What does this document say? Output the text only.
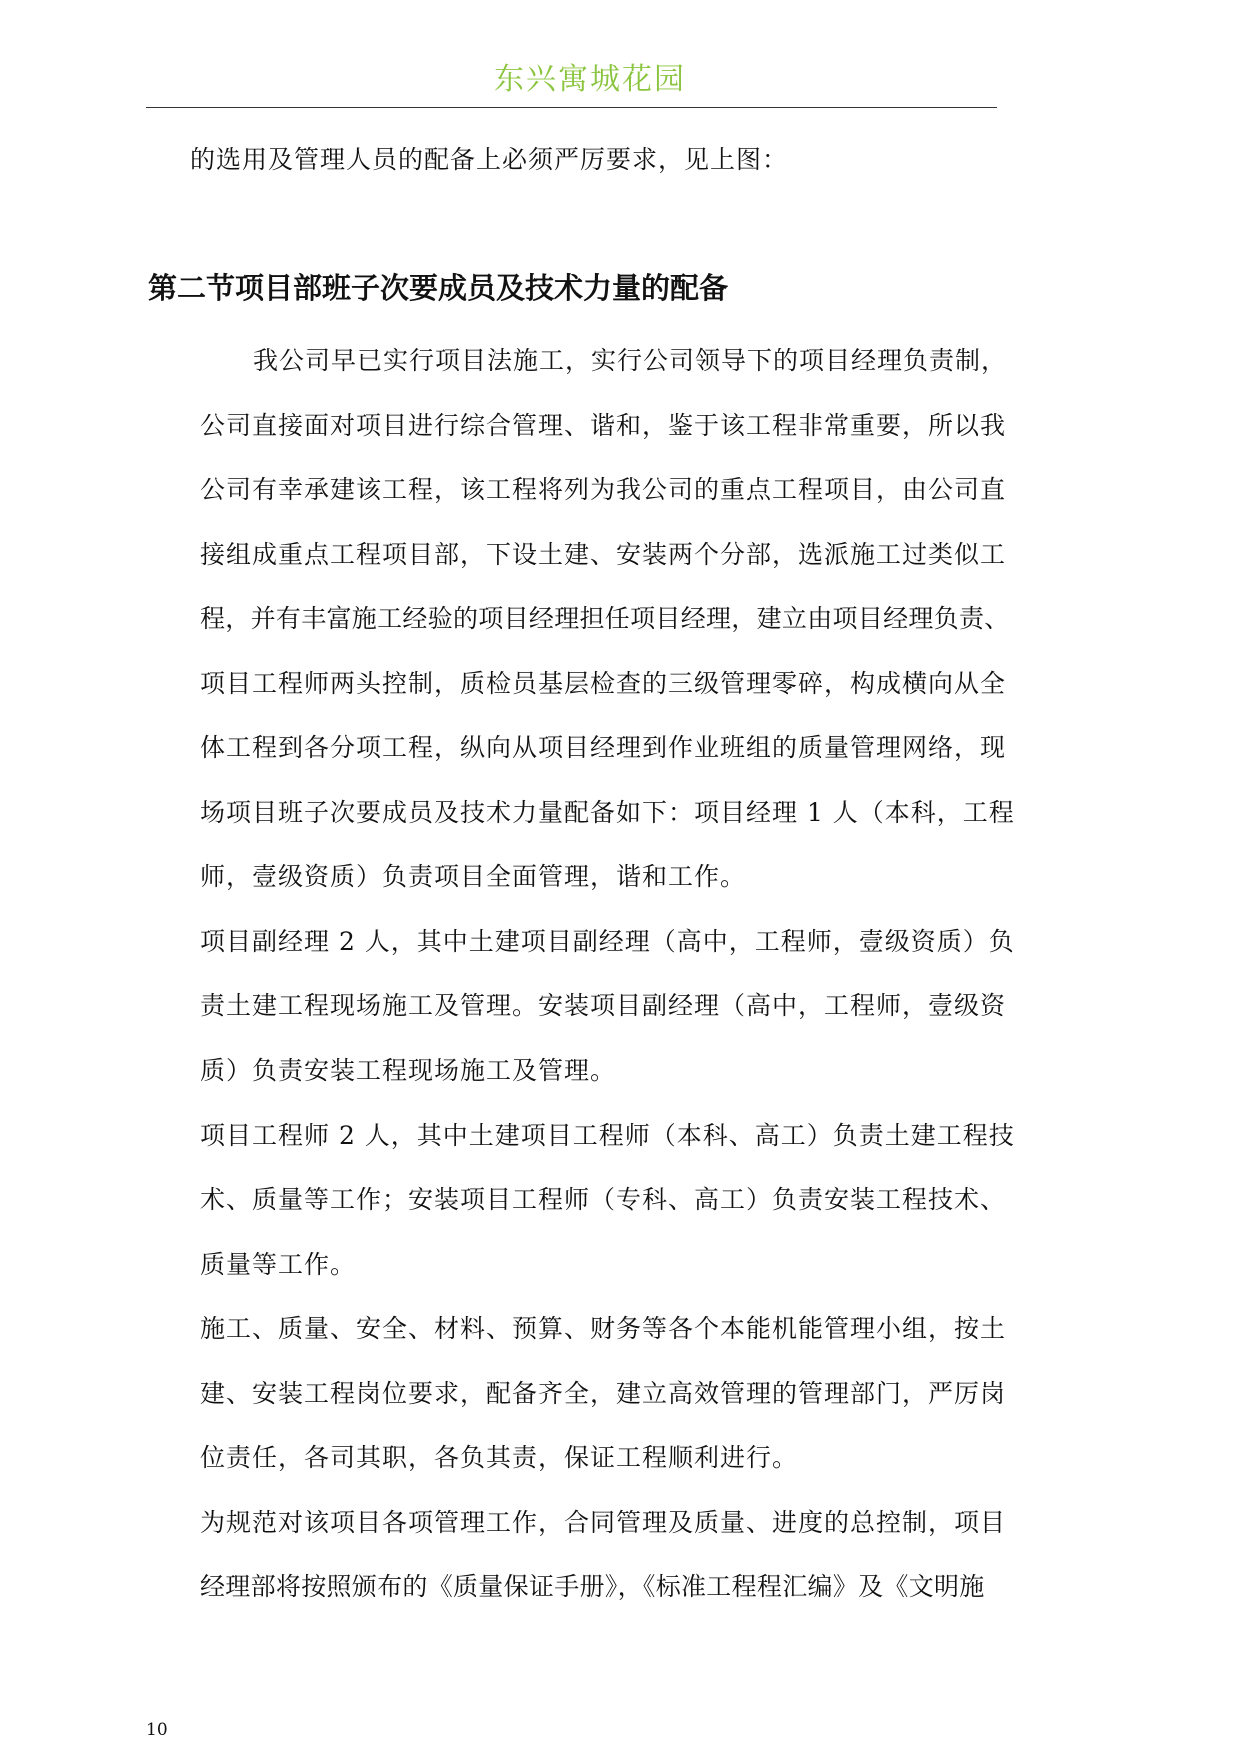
东兴寓城花园
的选用及管理人员的配备上必须严厉要求，见上图：
第二节项目部班子次要成员及技术力量的配备
我公司早已实行项目法施工，实行公司领导下的项目经理负责制，
公司直接面对项目进行综合管理、谐和，鉴于该工程非常重要，所以我
公司有幸承建该工程，该工程将列为我公司的重点工程项目，由公司直
接组成重点工程项目部，下设土建、安装两个分部，选派施工过类似工
程，并有丰富施工经验的项目经理担任项目经理，建立由项目经理负责、
项目工程师两头控制，质检员基层检查的三级管理零碎，构成横向从全
体工程到各分项工程，纵向从项目经理到作业班组的质量管理网络，现
场项目班子次要成员及技术力量配备如下：项目经理 1 人（本科，工程
师，壹级资质）负责项目全面管理，谐和工作。
项目副经理 2 人，其中土建项目副经理（高中，工程师，壹级资质）负
责土建工程现场施工及管理。安装项目副经理（高中，工程师，壹级资
质）负责安装工程现场施工及管理。
项目工程师 2 人，其中土建项目工程师（本科、高工）负责土建工程技
术、质量等工作；安装项目工程师（专科、高工）负责安装工程技术、
质量等工作。
施工、质量、安全、材料、预算、财务等各个本能机能管理小组，按土
建、安装工程岗位要求，配备齐全，建立高效管理的管理部门，严厉岗
位责任，各司其职，各负其责，保证工程顺利进行。
为规范对该项目各项管理工作，合同管理及质量、进度的总控制，项目
经理部将按照颁布的《质量保证手册》，《标准工程程汇编》及《文明施
10
